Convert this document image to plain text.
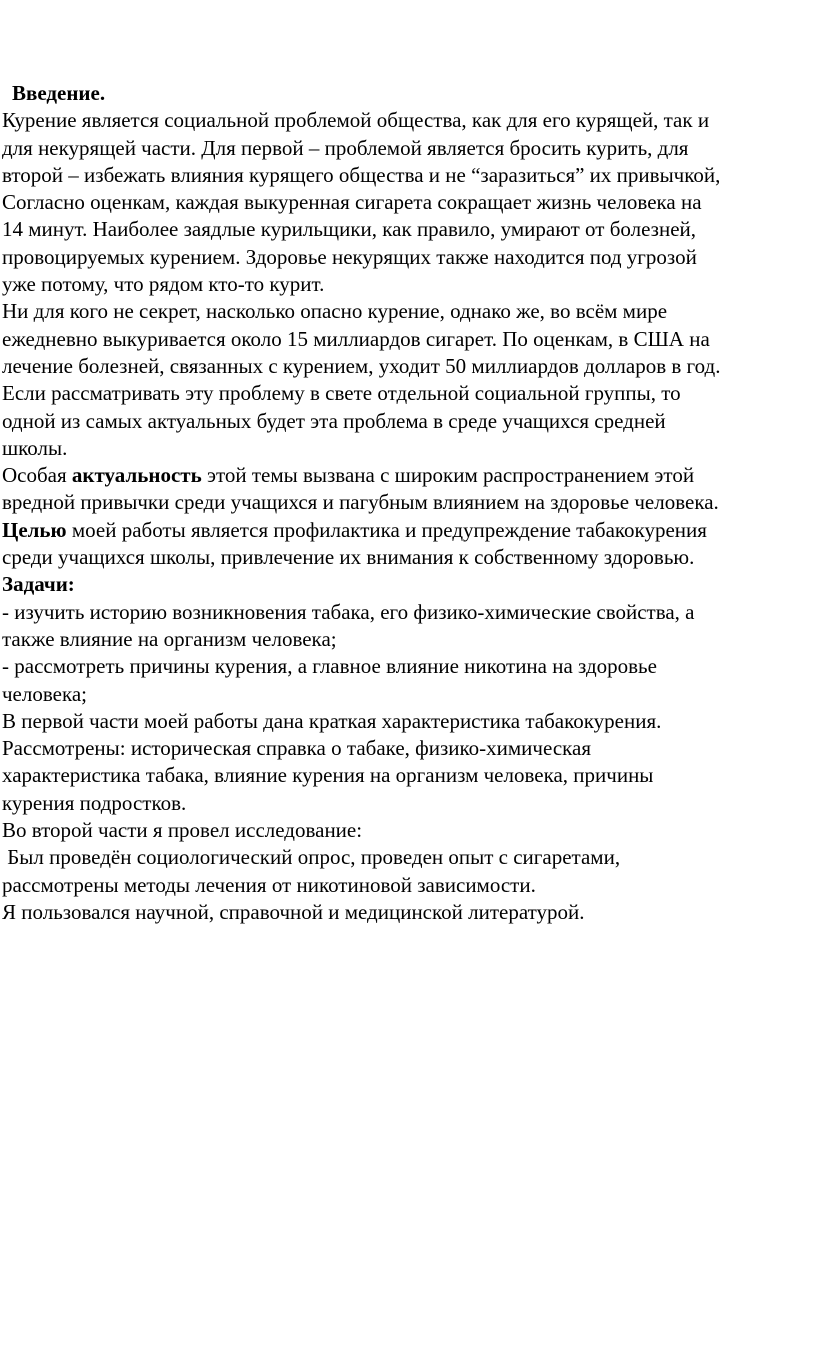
Введение.
Курение является социальной проблемой общества, как для его курящей, так и
для некурящей части. Для первой – проблемой является бросить курить, для
второй – избежать влияния курящего общества и не “заразиться” их привычкой,
Согласно оценкам, каждая выкуренная сигарета сокращает жизнь человека на
14 минут. Наиболее заядлые курильщики, как правило, умирают от болезней,
провоцируемых курением. Здоровье некурящих также находится под угрозой
уже потому, что рядом кто-то курит.
Ни для кого не секрет, насколько опасно курение, однако же, во всём мире
ежедневно выкуривается около 15 миллиардов сигарет. По оценкам, в США на
лечение болезней, связанных с курением, уходит 50 миллиардов долларов в год.
Если рассматривать эту проблему в свете отдельной социальной группы, то
одной из самых актуальных будет эта проблема в среде учащихся средней
школы.
Особая актуальность этой темы вызвана с широким распространением этой
вредной привычки среди учащихся и пагубным влиянием на здоровье человека.
Целью моей работы является профилактика и предупреждение табакокурения
среди учащихся школы, привлечение их внимания к собственному здоровью.
Задачи:
- изучить историю возникновения табака, его физико-химические свойства, а
также влияние на организм человека;
- рассмотреть причины курения, а главное влияние никотина на здоровье
человека;
В первой части моей работы дана краткая характеристика табакокурения.
Рассмотрены: историческая справка о табаке, физико-химическая
характеристика табака, влияние курения на организм человека, причины
курения подростков.
Во второй части я провел исследование:
Был проведён социологический опрос, проведен опыт с сигаретами,
рассмотрены методы лечения от никотиновой зависимости.
Я пользовался научной, справочной и медицинской литературой.
